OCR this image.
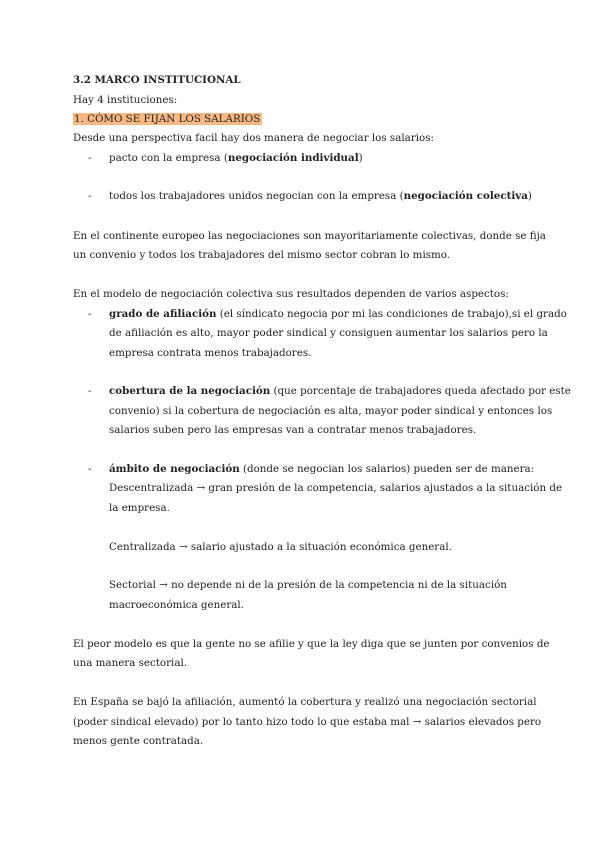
3.2 MARCO INSTITUCIONAL
Hay 4 instituciones:
1. CÓMO SE FIJAN LOS SALARIOS
Desde una perspectiva facil hay dos manera de negociar los salarios:
- pacto con la empresa (negociación individual)
- todos los trabajadores unidos negocian con la empresa (negociación colectiva)
En el continente europeo las negociaciones son mayoritariamente colectivas, donde se fija
un convenio y todos los trabajadores del mismo sector cobran lo mismo.
En el modelo de negociación colectiva sus resultados dependen de varios aspectos:
- grado de afiliación (el síndicato negocia por mi las condiciones de trabajo),si el grado
de afiliación es alto, mayor poder sindical y consiguen aumentar los salarios pero la
empresa contrata menos trabajadores.
- cobertura de la negociación (que porcentaje de trabajadores queda afectado por este
convenio) si la cobertura de negociación es alta, mayor poder sindical y entonces los
salarios suben pero las empresas van a contratar menos trabajadores.
- ámbito de negociación (donde se negocian los salarios) pueden ser de manera:
Descentralizada → gran presión de la competencia, salarios ajustados a la situación de
la empresa.
Centralizada → salario ajustado a la situación económica general.
Sectorial → no depende ni de la presión de la competencia ni de la situación
macroeconómica general.
El peor modelo es que la gente no se afilie y que la ley diga que se junten por convenios de
una manera sectorial.
En España se bajó la afiliación, aumentó la cobertura y realizó una negociación sectorial
(poder sindical elevado) por lo tanto hizo todo lo que estaba mal → salarios elevados pero
menos gente contratada.
